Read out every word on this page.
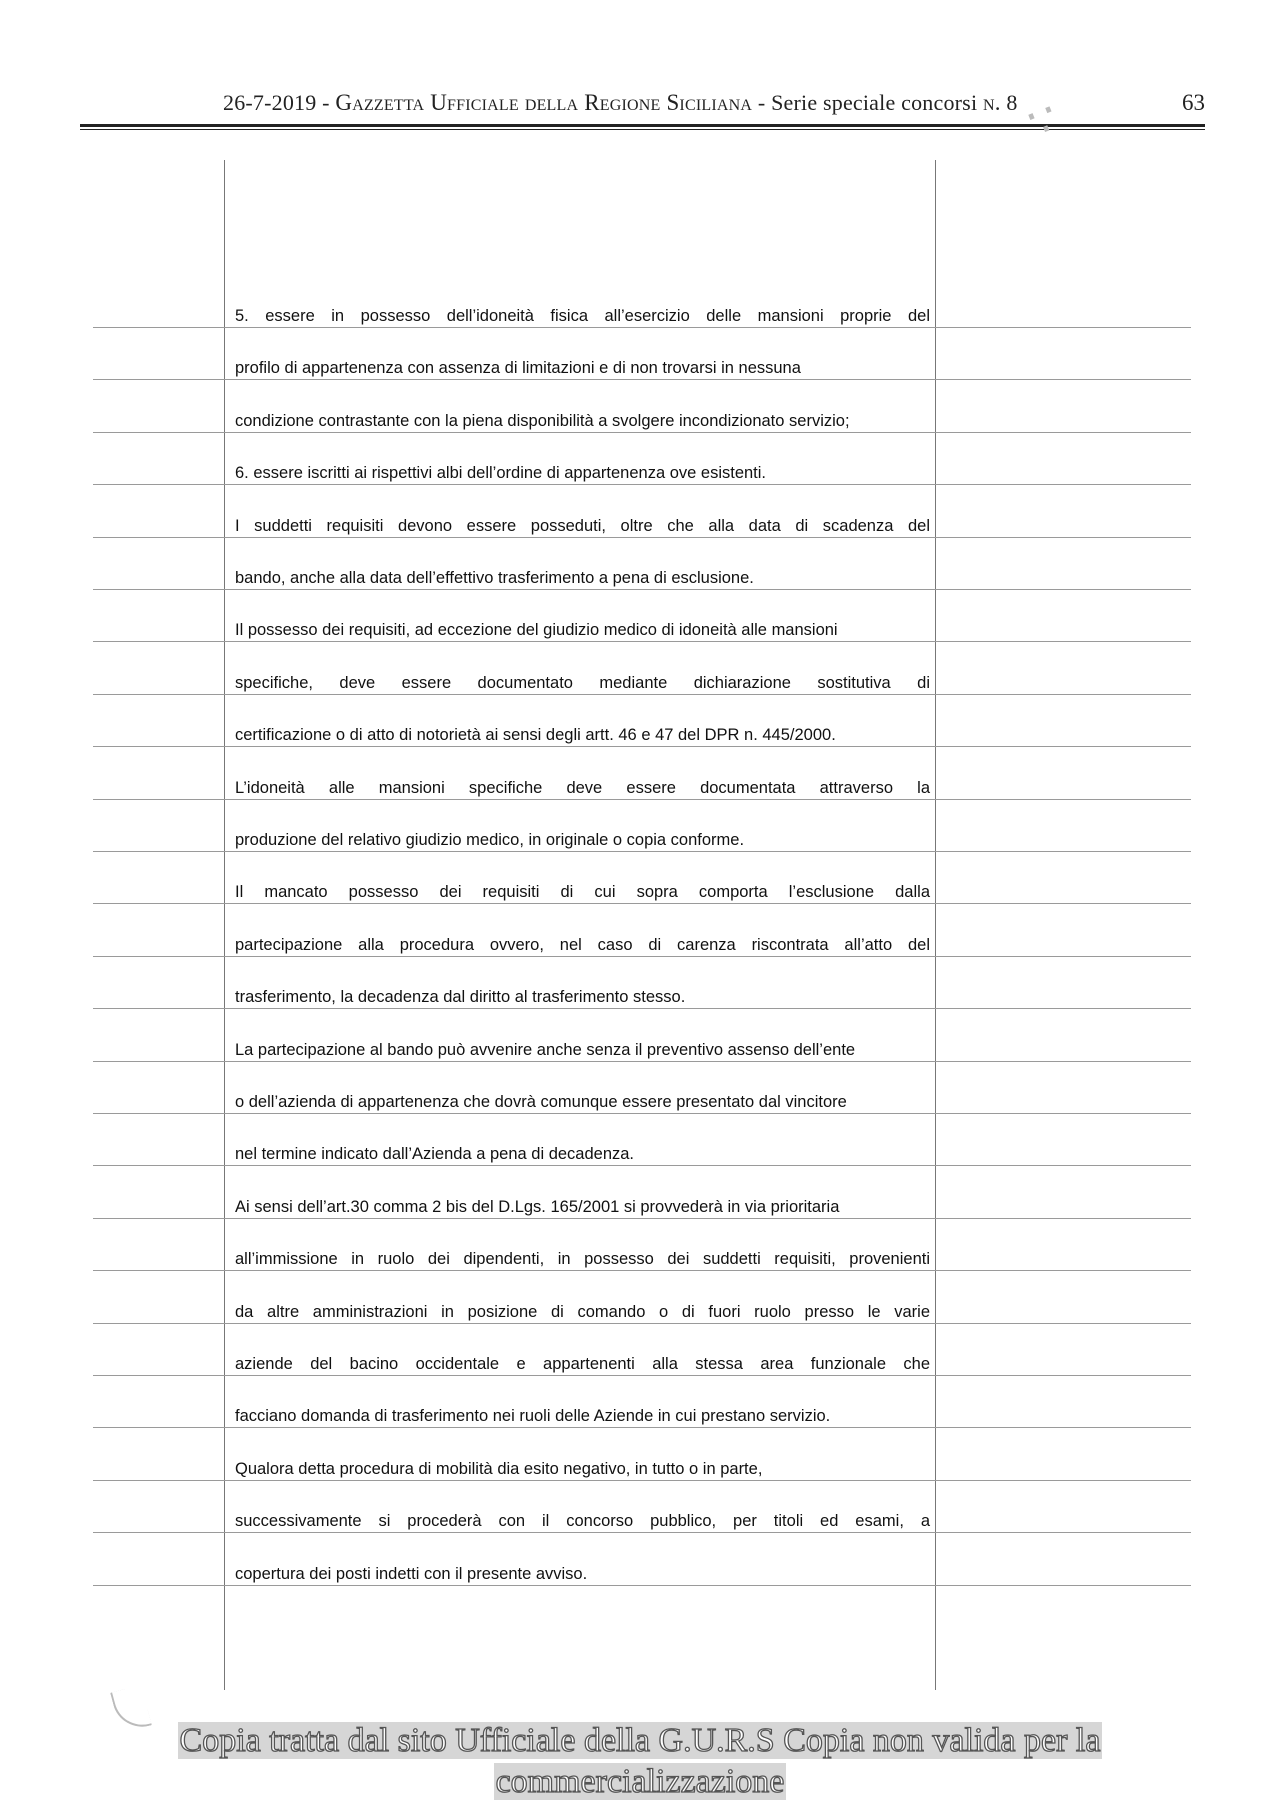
26-7-2019 - Gazzetta Ufficiale della Regione Siciliana - Serie speciale concorsi n. 8	63
∵
5. essere in possesso dell’idoneità fisica all’esercizio delle mansioni proprie del
profilo di appartenenza con assenza di limitazioni e di non trovarsi in nessuna
condizione contrastante con la piena disponibilità a svolgere incondizionato servizio;
6. essere iscritti ai rispettivi albi dell’ordine di appartenenza ove esistenti.
I suddetti requisiti devono essere posseduti, oltre che alla data di scadenza del
bando, anche alla data dell’effettivo trasferimento a pena di esclusione.
Il possesso dei requisiti, ad eccezione del giudizio medico di idoneità alle mansioni
specifiche, deve essere documentato mediante dichiarazione sostitutiva di
certificazione o di atto di notorietà ai sensi degli artt. 46 e 47 del DPR n. 445/2000.
L’idoneità alle mansioni specifiche deve essere documentata attraverso la
produzione del relativo giudizio medico, in originale o copia conforme.
Il mancato possesso dei requisiti di cui sopra comporta l’esclusione dalla
partecipazione alla procedura ovvero, nel caso di carenza riscontrata all’atto del
trasferimento, la decadenza dal diritto al trasferimento stesso.
La partecipazione al bando può avvenire anche senza il preventivo assenso dell’ente
o dell’azienda di appartenenza che dovrà comunque essere presentato dal vincitore
nel termine indicato dall’Azienda a pena di decadenza.
Ai sensi dell’art.30 comma 2 bis del D.Lgs. 165/2001 si provvederà in via prioritaria
all’immissione in ruolo dei dipendenti, in possesso dei suddetti requisiti, provenienti
da altre amministrazioni in posizione di comando o di fuori ruolo presso le varie
aziende del bacino occidentale e appartenenti alla stessa area funzionale che
facciano domanda di trasferimento nei ruoli delle Aziende in cui prestano servizio.
Qualora detta procedura di mobilità dia esito negativo, in tutto o in parte,
successivamente si procederà con il concorso pubblico, per titoli ed esami, a
copertura dei posti indetti con il presente avviso.
Copia tratta dal sito Ufficiale della G.U.R.S Copia non valida per la
commercializzazione
